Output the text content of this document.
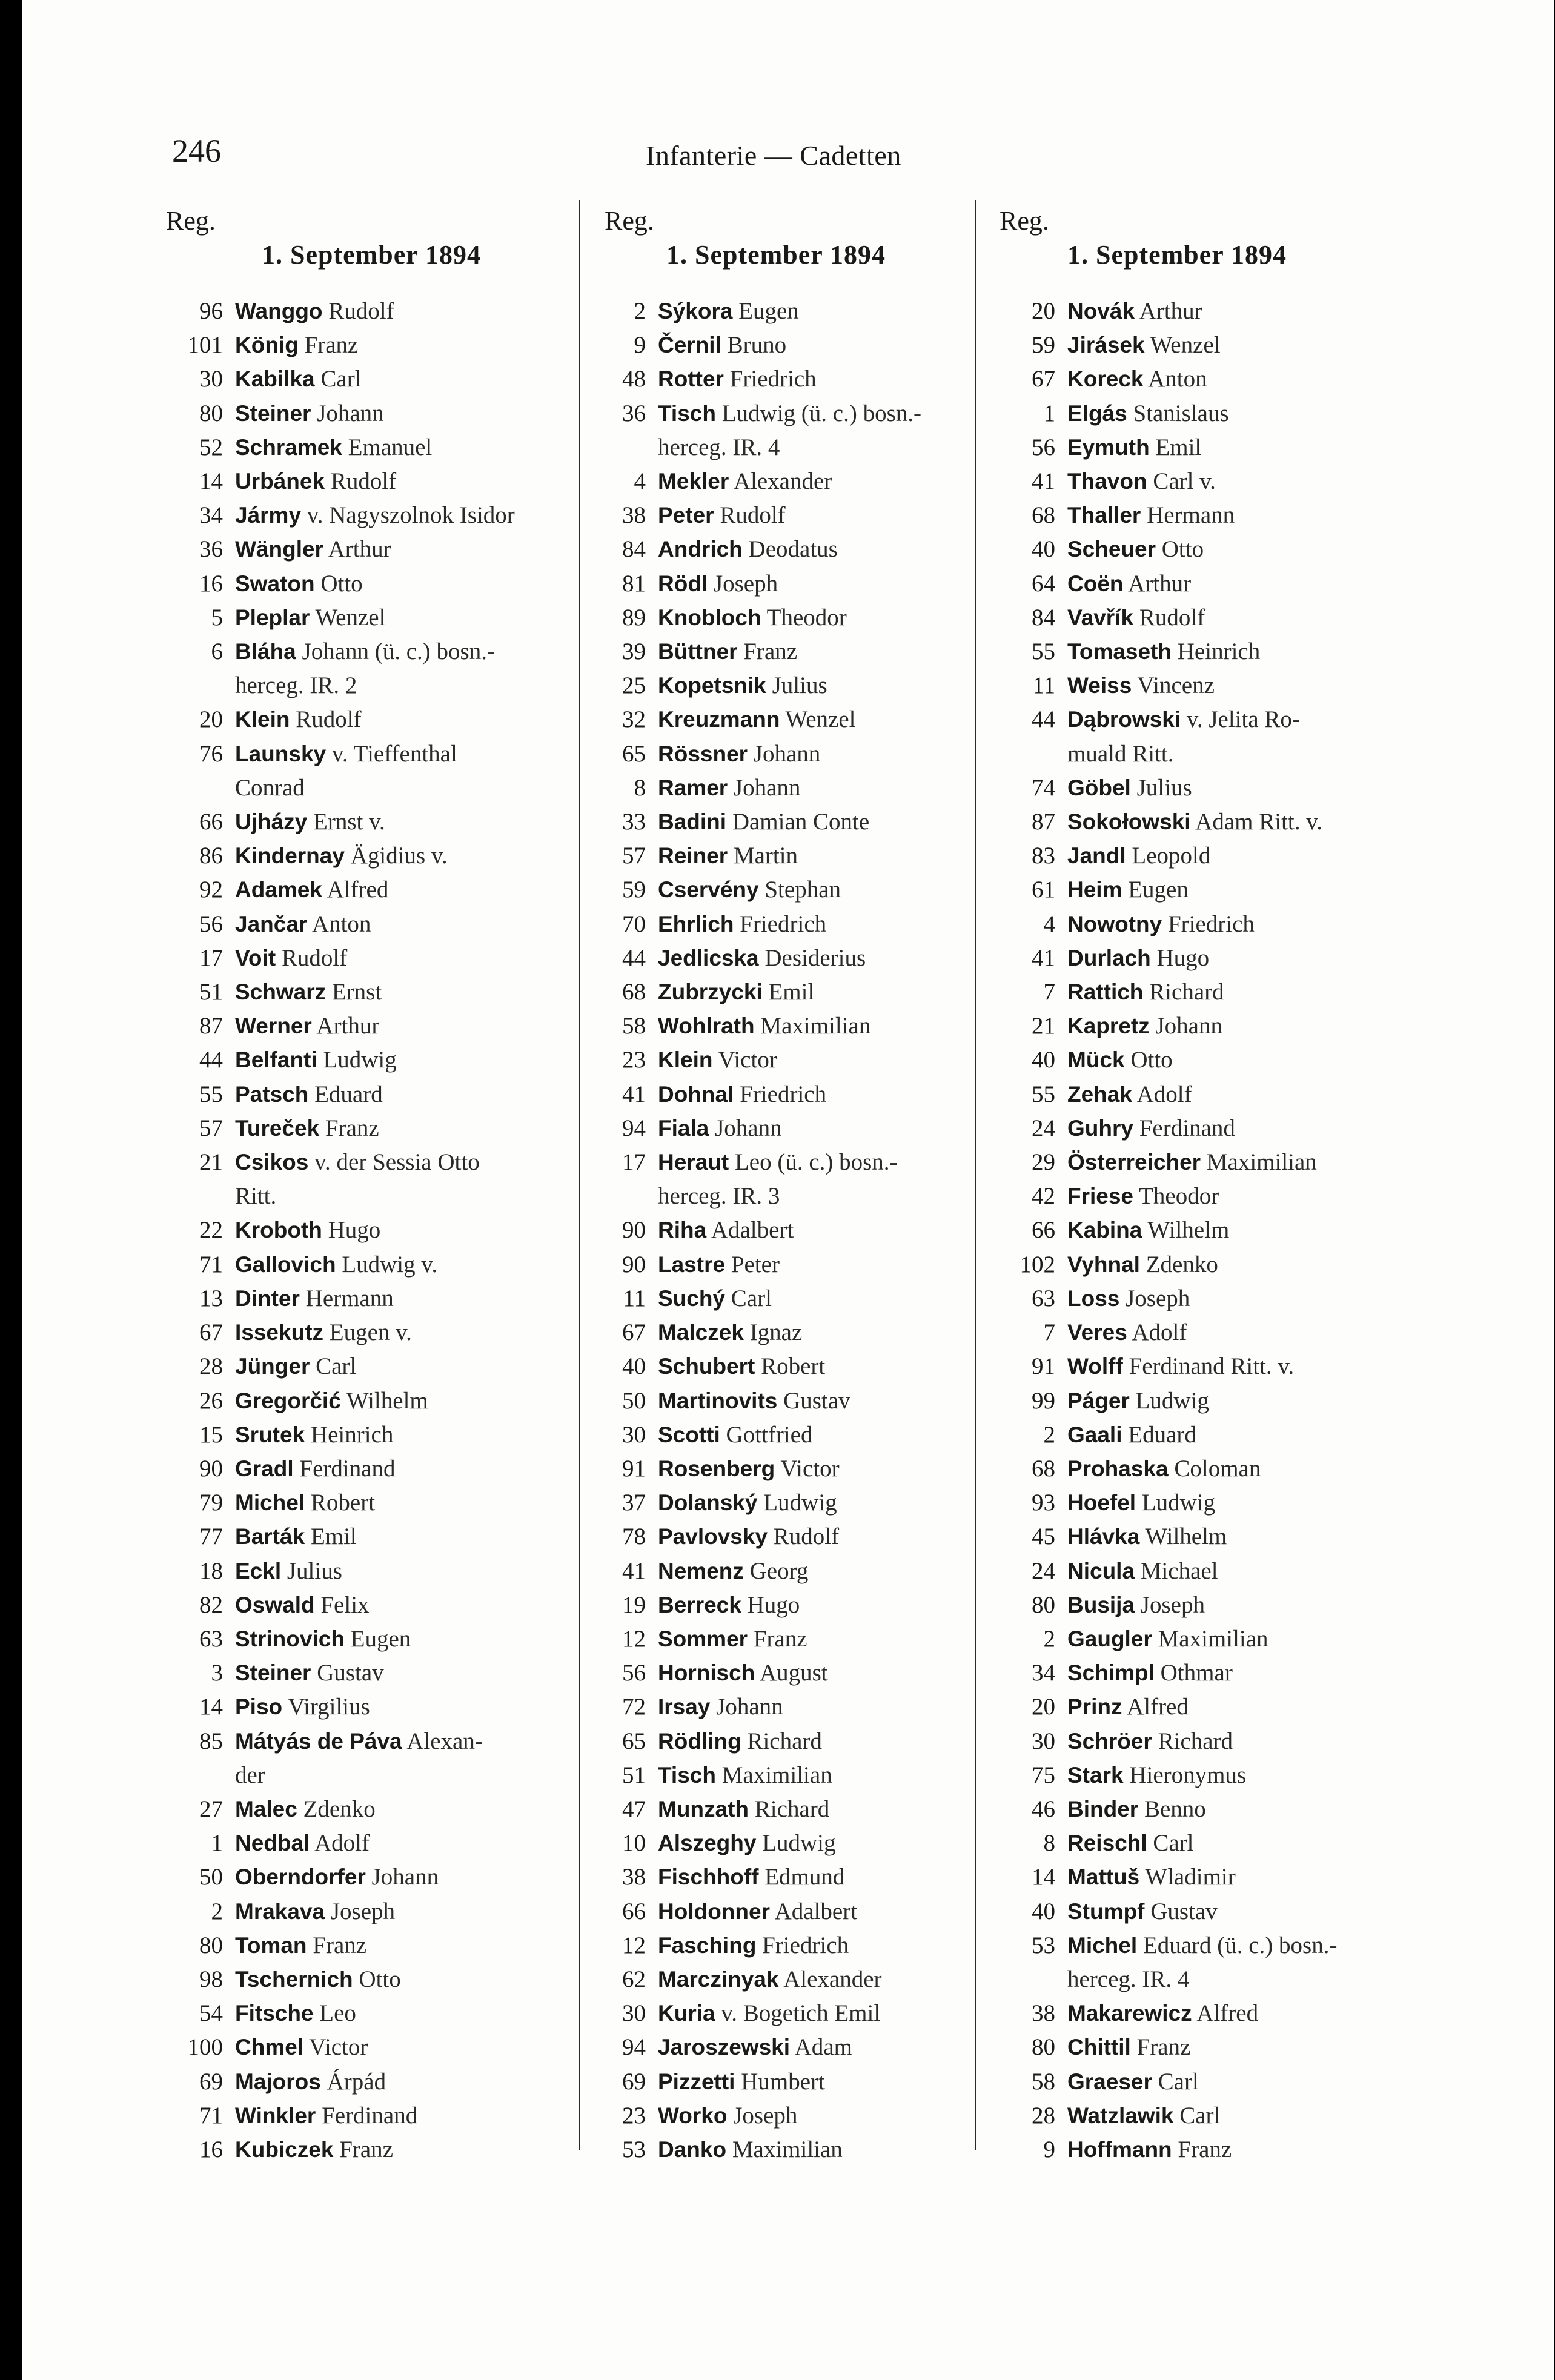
246	Infanterie — Cadetten
Reg.
1. September 1894
96 Wanggo Rudolf
101 König Franz
30 Kabilka Carl
80 Steiner Johann
52 Schramek Emanuel
14 Urbánek Rudolf
34 Jármy v. Nagyszolnok Isidor
36 Wängler Arthur
16 Swaton Otto
5 Pleplar Wenzel
6 Bláha Johann (ü. c.) bosn.-
herceg. IR. 2
20 Klein Rudolf
76 Launsky v. Tieffenthal
Conrad
66 Ujházy Ernst v.
86 Kindernay Ägidius v.
92 Adamek Alfred
56 Jančar Anton
17 Voit Rudolf
51 Schwarz Ernst
87 Werner Arthur
44 Belfanti Ludwig
55 Patsch Eduard
57 Tureček Franz
21 Csikos v. der Sessia Otto
Ritt.
22 Kroboth Hugo
71 Gallovich Ludwig v.
13 Dinter Hermann
67 Issekutz Eugen v.
28 Jünger Carl
26 Gregorčić Wilhelm
15 Srutek Heinrich
90 Gradl Ferdinand
79 Michel Robert
77 Barták Emil
18 Eckl Julius
82 Oswald Felix
63 Strinovich Eugen
3 Steiner Gustav
14 Piso Virgilius
85 Mátyás de Páva Alexan-
der
27 Malec Zdenko
1 Nedbal Adolf
50 Oberndorfer Johann
2 Mrakava Joseph
80 Toman Franz
98 Tschernich Otto
54 Fitsche Leo
100 Chmel Victor
69 Majoros Árpád
71 Winkler Ferdinand
16 Kubiczek Franz
Reg.
1. September 1894
2 Sýkora Eugen
9 Černil Bruno
48 Rotter Friedrich
36 Tisch Ludwig (ü. c.) bosn.-
herceg. IR. 4
4 Mekler Alexander
38 Peter Rudolf
84 Andrich Deodatus
81 Rödl Joseph
89 Knobloch Theodor
39 Büttner Franz
25 Kopetsnik Julius
32 Kreuzmann Wenzel
65 Rössner Johann
8 Ramer Johann
33 Badini Damian Conte
57 Reiner Martin
59 Cservény Stephan
70 Ehrlich Friedrich
44 Jedlicska Desiderius
68 Zubrzycki Emil
58 Wohlrath Maximilian
23 Klein Victor
41 Dohnal Friedrich
94 Fiala Johann
17 Heraut Leo (ü. c.) bosn.-
herceg. IR. 3
90 Riha Adalbert
90 Lastre Peter
11 Suchý Carl
67 Malczek Ignaz
40 Schubert Robert
50 Martinovits Gustav
30 Scotti Gottfried
91 Rosenberg Victor
37 Dolanský Ludwig
78 Pavlovsky Rudolf
41 Nemenz Georg
19 Berreck Hugo
12 Sommer Franz
56 Hornisch August
72 Irsay Johann
65 Rödling Richard
51 Tisch Maximilian
47 Munzath Richard
10 Alszeghy Ludwig
38 Fischhoff Edmund
66 Holdonner Adalbert
12 Fasching Friedrich
62 Marczinyak Alexander
30 Kuria v. Bogetich Emil
94 Jaroszewski Adam
69 Pizzetti Humbert
23 Worko Joseph
53 Danko Maximilian
Reg.
1. September 1894
20 Novák Arthur
59 Jirásek Wenzel
67 Koreck Anton
1 Elgás Stanislaus
56 Eymuth Emil
41 Thavon Carl v.
68 Thaller Hermann
40 Scheuer Otto
64 Coën Arthur
84 Vavřík Rudolf
55 Tomaseth Heinrich
11 Weiss Vincenz
44 Dąbrowski v. Jelita Ro-
muald Ritt.
74 Göbel Julius
87 Sokołowski Adam Ritt. v.
83 Jandl Leopold
61 Heim Eugen
4 Nowotny Friedrich
41 Durlach Hugo
7 Rattich Richard
21 Kapretz Johann
40 Mück Otto
55 Zehak Adolf
24 Guhry Ferdinand
29 Österreicher Maximilian
42 Friese Theodor
66 Kabina Wilhelm
102 Vyhnal Zdenko
63 Loss Joseph
7 Veres Adolf
91 Wolff Ferdinand Ritt. v.
99 Páger Ludwig
2 Gaali Eduard
68 Prohaska Coloman
93 Hoefel Ludwig
45 Hlávka Wilhelm
24 Nicula Michael
80 Busija Joseph
2 Gaugler Maximilian
34 Schimpl Othmar
20 Prinz Alfred
30 Schröer Richard
75 Stark Hieronymus
46 Binder Benno
8 Reischl Carl
14 Mattuš Wladimir
40 Stumpf Gustav
53 Michel Eduard (ü. c.) bosn.-
herceg. IR. 4
38 Makarewicz Alfred
80 Chittil Franz
58 Graeser Carl
28 Watzlawik Carl
9 Hoffmann Franz
